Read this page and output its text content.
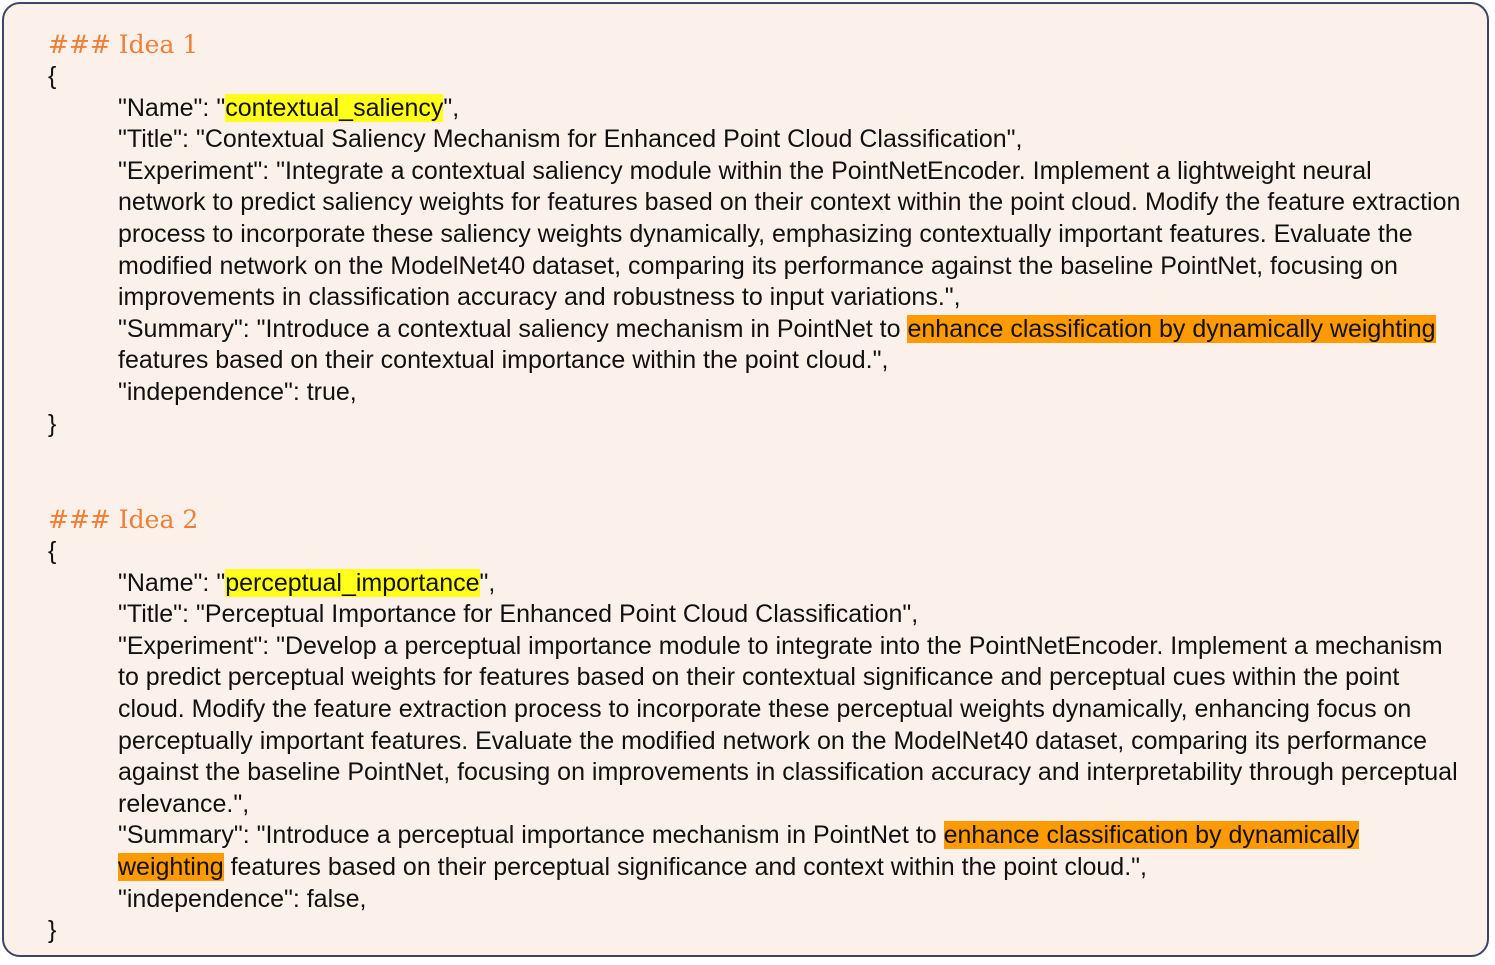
### Idea 1
{
"Name": "contextual_saliency",
"Title": "Contextual Saliency Mechanism for Enhanced Point Cloud Classification",
"Experiment": "Integrate a contextual saliency module within the PointNetEncoder. Implement a lightweight neural network to predict saliency weights for features based on their context within the point cloud. Modify the feature extraction process to incorporate these saliency weights dynamically, emphasizing contextually important features. Evaluate the modified network on the ModelNet40 dataset, comparing its performance against the baseline PointNet, focusing on improvements in classification accuracy and robustness to input variations.",
"Summary": "Introduce a contextual saliency mechanism in PointNet to enhance classification by dynamically weighting features based on their contextual importance within the point cloud.",
"independence": true,
}
### Idea 2
{
"Name": "perceptual_importance",
"Title": "Perceptual Importance for Enhanced Point Cloud Classification",
"Experiment": "Develop a perceptual importance module to integrate into the PointNetEncoder. Implement a mechanism to predict perceptual weights for features based on their contextual significance and perceptual cues within the point cloud. Modify the feature extraction process to incorporate these perceptual weights dynamically, enhancing focus on perceptually important features. Evaluate the modified network on the ModelNet40 dataset, comparing its performance against the baseline PointNet, focusing on improvements in classification accuracy and interpretability through perceptual relevance.",
"Summary": "Introduce a perceptual importance mechanism in PointNet to enhance classification by dynamically weighting features based on their perceptual significance and context within the point cloud.",
"independence": false,
}
